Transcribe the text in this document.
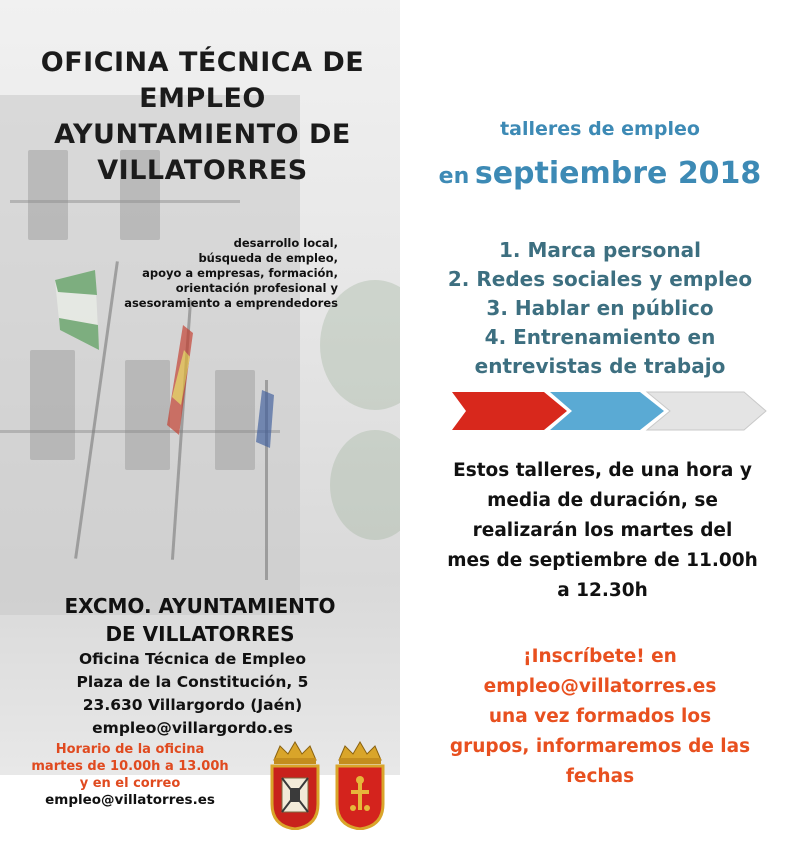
OFICINA TÉCNICA DE
EMPLEO
AYUNTAMIENTO DE
VILLATORRES
desarrollo local,
búsqueda de empleo,
apoyo a empresas, formación,
orientación profesional y
asesoramiento a emprendedores
EXCMO. AYUNTAMIENTO
DE VILLATORRES
Oficina Técnica de Empleo
Plaza de la Constitución, 5
23.630 Villargordo (Jaén)
empleo@villargordo.es
Horario de la oficina
martes de 10.00h a 13.00h
y en el correo
empleo@villatorres.es
talleres de empleo
en septiembre 2018
1. Marca personal
2. Redes sociales y empleo
3. Hablar en público
4. Entrenamiento en
entrevistas de trabajo
Estos talleres, de una hora y
media de duración, se
realizarán los martes del
mes de septiembre de 11.00h
a 12.30h
¡Inscríbete! en
empleo@villatorres.es
una vez formados los
grupos, informaremos de las
fechas
